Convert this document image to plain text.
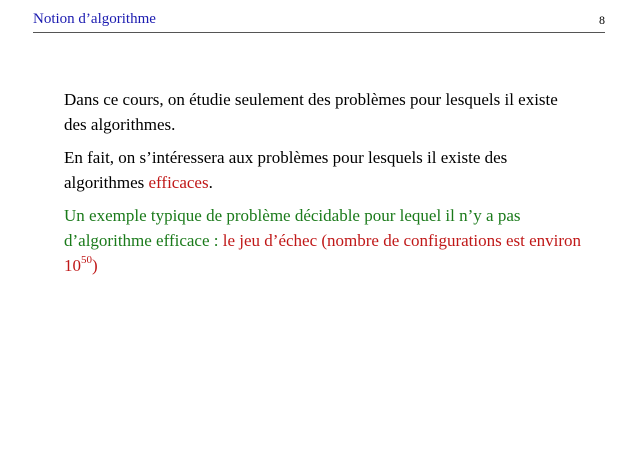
Notion d’algorithme	8

Dans ce cours, on étudie seulement des problèmes pour lesquels il existe des algorithmes.

En fait, on s’intéressera aux problèmes pour lesquels il existe des algorithmes efficaces.

Un exemple typique de problème décidable pour lequel il n’y a pas d’algorithme efficace : le jeu d’échec (nombre de configurations est environ $10^{50}$)
